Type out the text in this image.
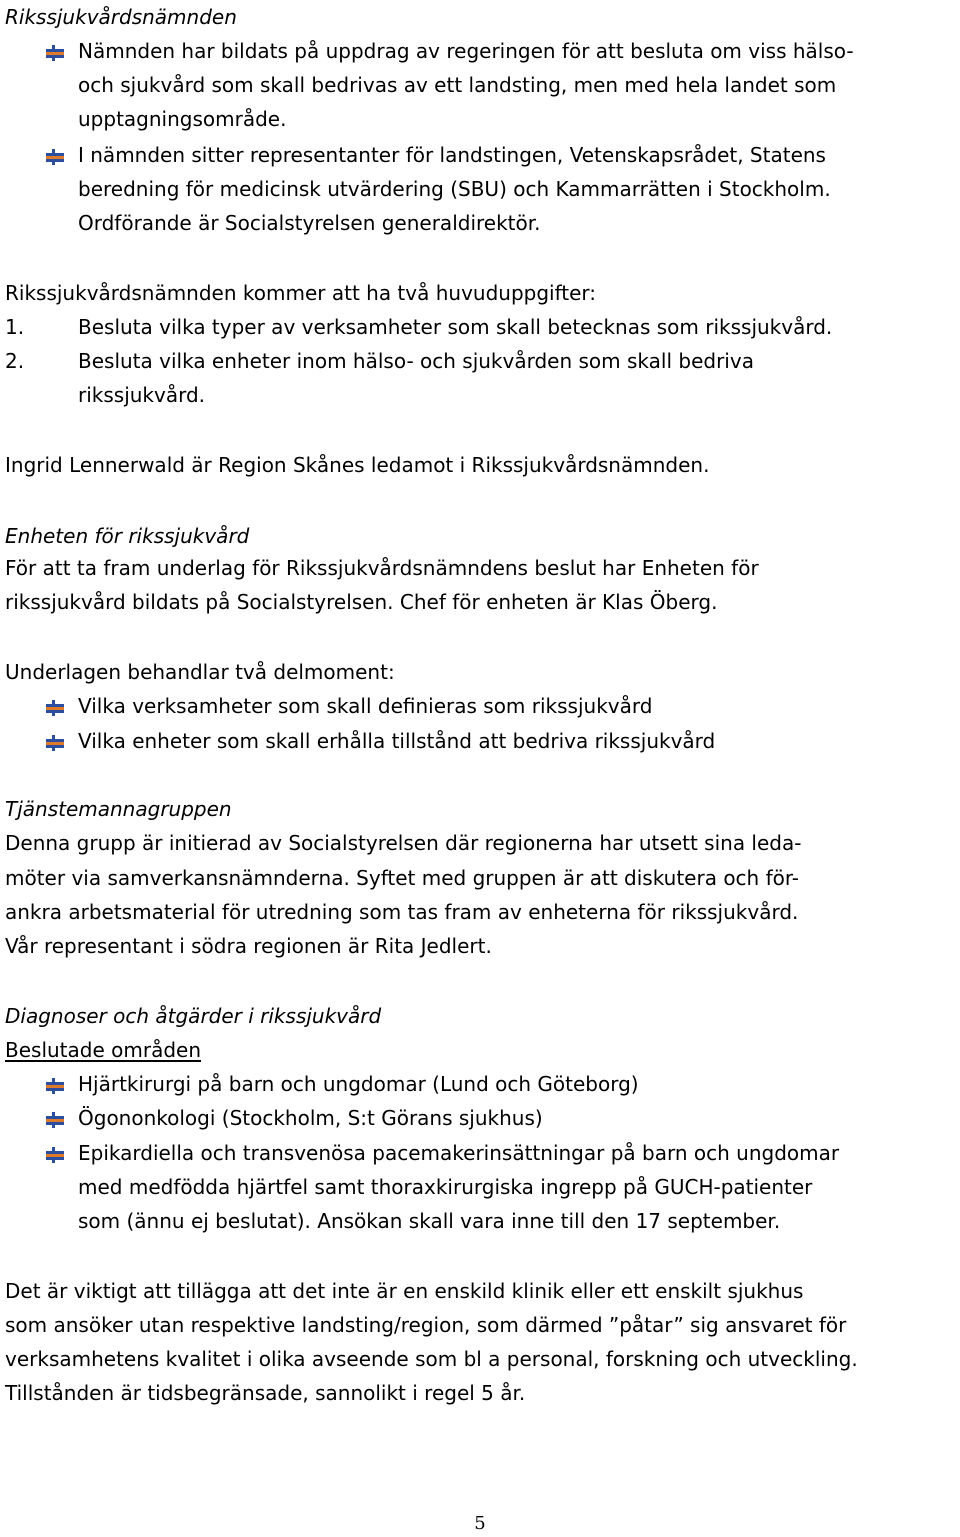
Rikssjukvårdsnämnden
Nämnden har bildats på uppdrag av regeringen för att besluta om viss hälso-
och sjukvård som skall bedrivas av ett landsting, men med hela landet som
upptagningsområde.
I nämnden sitter representanter för landstingen, Vetenskapsrådet, Statens
beredning för medicinsk utvärdering (SBU) och Kammarrätten i Stockholm.
Ordförande är Socialstyrelsen generaldirektör.
Rikssjukvårdsnämnden kommer att ha två huvuduppgifter:
1.	Besluta vilka typer av verksamheter som skall betecknas som rikssjukvård.
2.	Besluta vilka enheter inom hälso- och sjukvården som skall bedriva
rikssjukvård.
Ingrid Lennerwald är Region Skånes ledamot i Rikssjukvårdsnämnden.
Enheten för rikssjukvård
För att ta fram underlag för Rikssjukvårdsnämndens beslut har Enheten för
rikssjukvård bildats på Socialstyrelsen. Chef för enheten är Klas Öberg.
Underlagen behandlar två delmoment:
Vilka verksamheter som skall definieras som rikssjukvård
Vilka enheter som skall erhålla tillstånd att bedriva rikssjukvård
Tjänstemannagruppen
Denna grupp är initierad av Socialstyrelsen där regionerna har utsett sina leda-
möter via samverkansnämnderna. Syftet med gruppen är att diskutera och för-
ankra arbetsmaterial för utredning som tas fram av enheterna för rikssjukvård.
Vår representant i södra regionen är Rita Jedlert.
Diagnoser och åtgärder i rikssjukvård
Beslutade områden
Hjärtkirurgi på barn och ungdomar (Lund och Göteborg)
Ögononkologi (Stockholm, S:t Görans sjukhus)
Epikardiella och transvenösa pacemakerinsättningar på barn och ungdomar
med medfödda hjärtfel samt thoraxkirurgiska ingrepp på GUCH-patienter
som (ännu ej beslutat). Ansökan skall vara inne till den 17 september.
Det är viktigt att tillägga att det inte är en enskild klinik eller ett enskilt sjukhus
som ansöker utan respektive landsting/region, som därmed ”påtar” sig ansvaret för
verksamhetens kvalitet i olika avseende som bl a personal, forskning och utveckling.
Tillstånden är tidsbegränsade, sannolikt i regel 5 år.
5
